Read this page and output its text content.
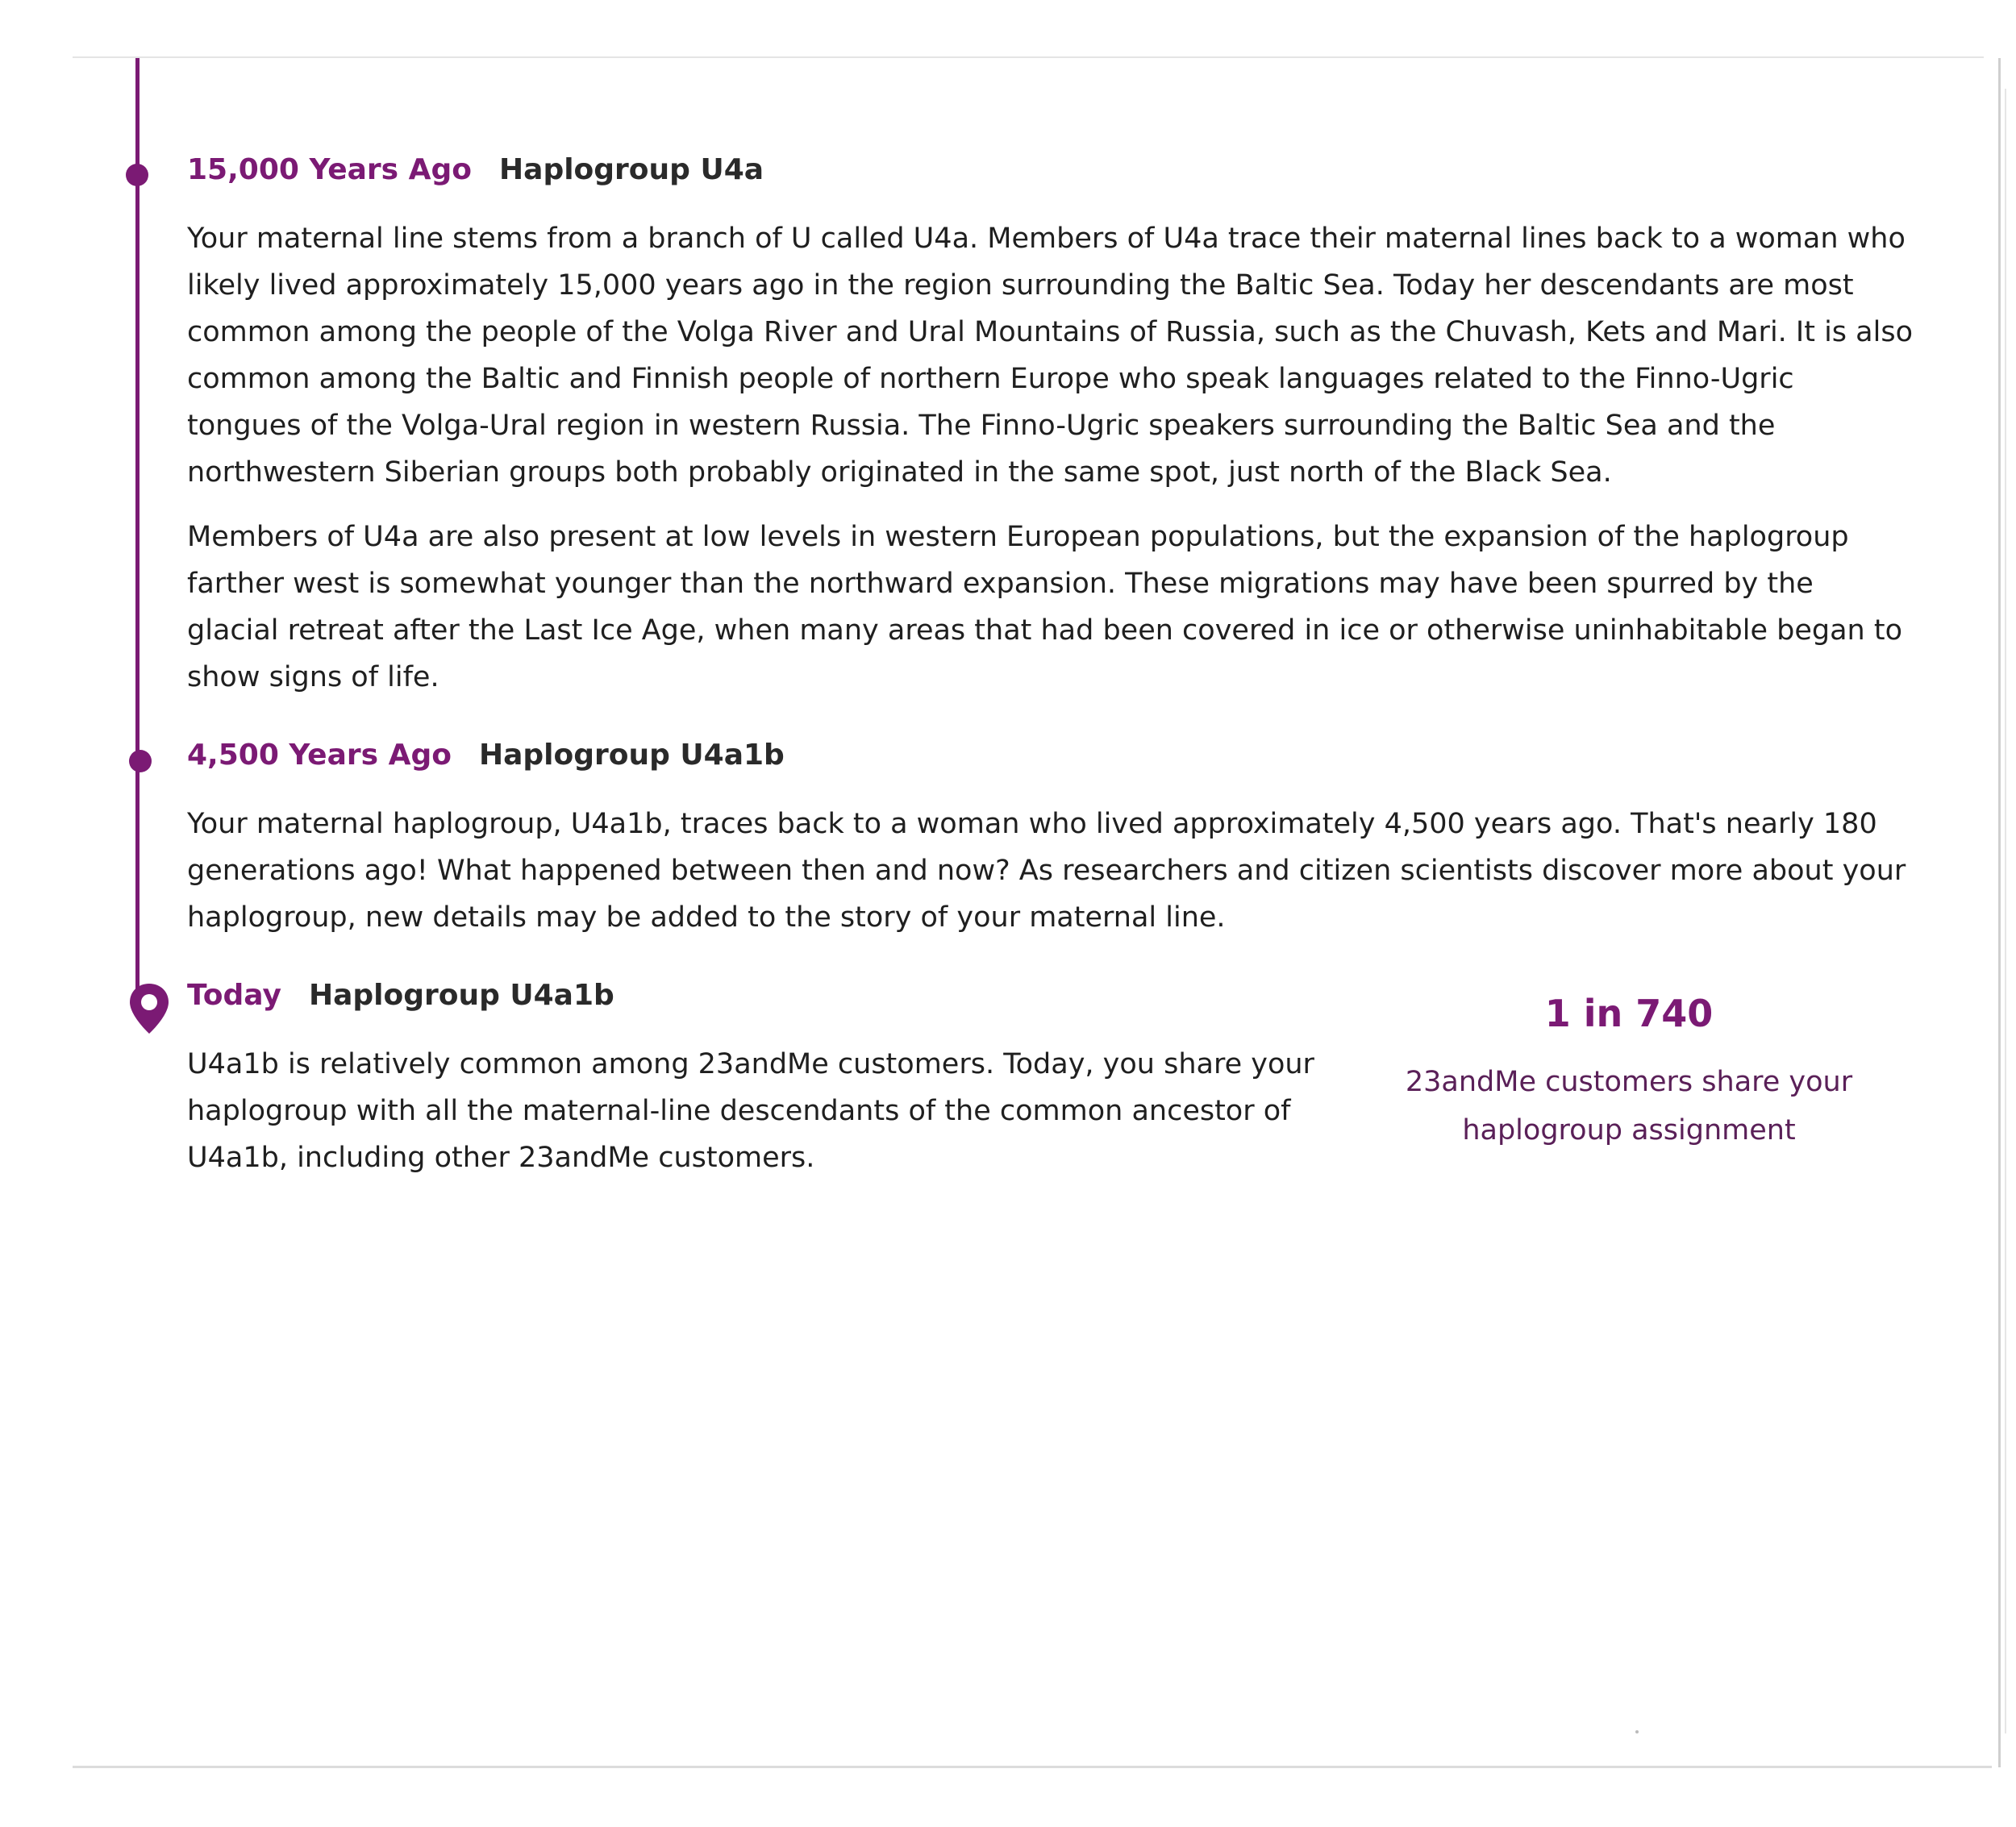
15,000 Years Ago Haplogroup U4a

Your maternal line stems from a branch of U called U4a. Members of U4a trace their maternal lines back to a woman who likely lived approximately 15,000 years ago in the region surrounding the Baltic Sea. Today her descendants are most common among the people of the Volga River and Ural Mountains of Russia, such as the Chuvash, Kets and Mari. It is also common among the Baltic and Finnish people of northern Europe who speak languages related to the Finno-Ugric tongues of the Volga-Ural region in western Russia. The Finno-Ugric speakers surrounding the Baltic Sea and the northwestern Siberian groups both probably originated in the same spot, just north of the Black Sea.

Members of U4a are also present at low levels in western European populations, but the expansion of the haplogroup farther west is somewhat younger than the northward expansion. These migrations may have been spurred by the glacial retreat after the Last Ice Age, when many areas that had been covered in ice or otherwise uninhabitable began to show signs of life.

4,500 Years Ago Haplogroup U4a1b

Your maternal haplogroup, U4a1b, traces back to a woman who lived approximately 4,500 years ago. That's nearly 180 generations ago! What happened between then and now? As researchers and citizen scientists discover more about your haplogroup, new details may be added to the story of your maternal line.

Today Haplogroup U4a1b

U4a1b is relatively common among 23andMe customers. Today, you share your haplogroup with all the maternal-line descendants of the common ancestor of U4a1b, including other 23andMe customers.

1 in 740

23andMe customers share your haplogroup assignment
